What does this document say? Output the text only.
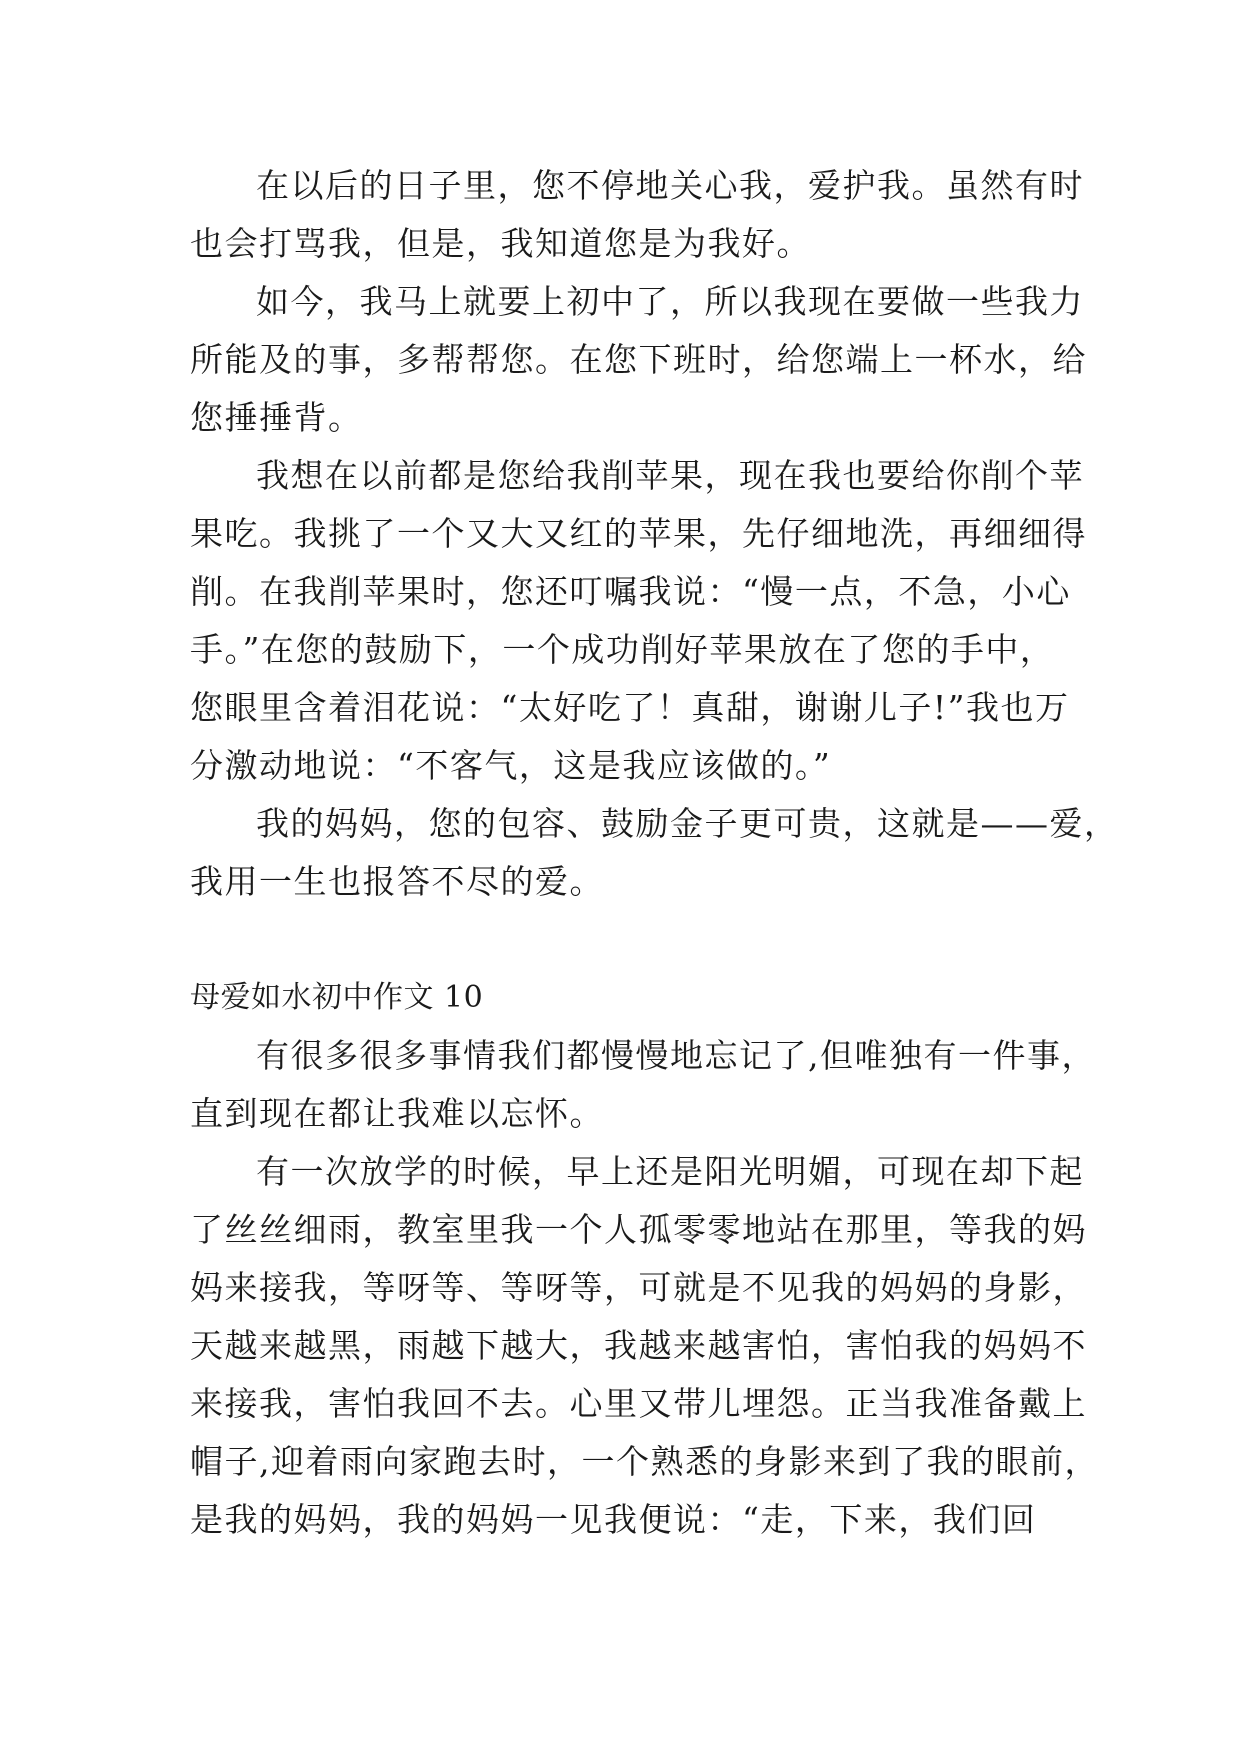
在以后的日子里，您不停地关心我，爱护我。虽然有时
也会打骂我，但是，我知道您是为我好。
如今，我马上就要上初中了，所以我现在要做一些我力
所能及的事，多帮帮您。在您下班时，给您端上一杯水，给
您捶捶背。
我想在以前都是您给我削苹果，现在我也要给你削个苹
果吃。我挑了一个又大又红的苹果，先仔细地洗，再细细得
削。在我削苹果时，您还叮嘱我说：“慢一点，不急，小心
手。”在您的鼓励下，一个成功削好苹果放在了您的手中，
您眼里含着泪花说：“太好吃了！真甜，谢谢儿子!”我也万
分激动地说：“不客气，这是我应该做的。”
我的妈妈，您的包容、鼓励金子更可贵，这就是——爱，
我用一生也报答不尽的爱。
母爱如水初中作文 10
有很多很多事情我们都慢慢地忘记了,但唯独有一件事，
直到现在都让我难以忘怀。
有一次放学的时候，早上还是阳光明媚，可现在却下起
了丝丝细雨，教室里我一个人孤零零地站在那里，等我的妈
妈来接我，等呀等、等呀等，可就是不见我的妈妈的身影，
天越来越黑，雨越下越大，我越来越害怕，害怕我的妈妈不
来接我，害怕我回不去。心里又带儿埋怨。正当我准备戴上
帽子,迎着雨向家跑去时，一个熟悉的身影来到了我的眼前，
是我的妈妈，我的妈妈一见我便说：“走，下来，我们回
